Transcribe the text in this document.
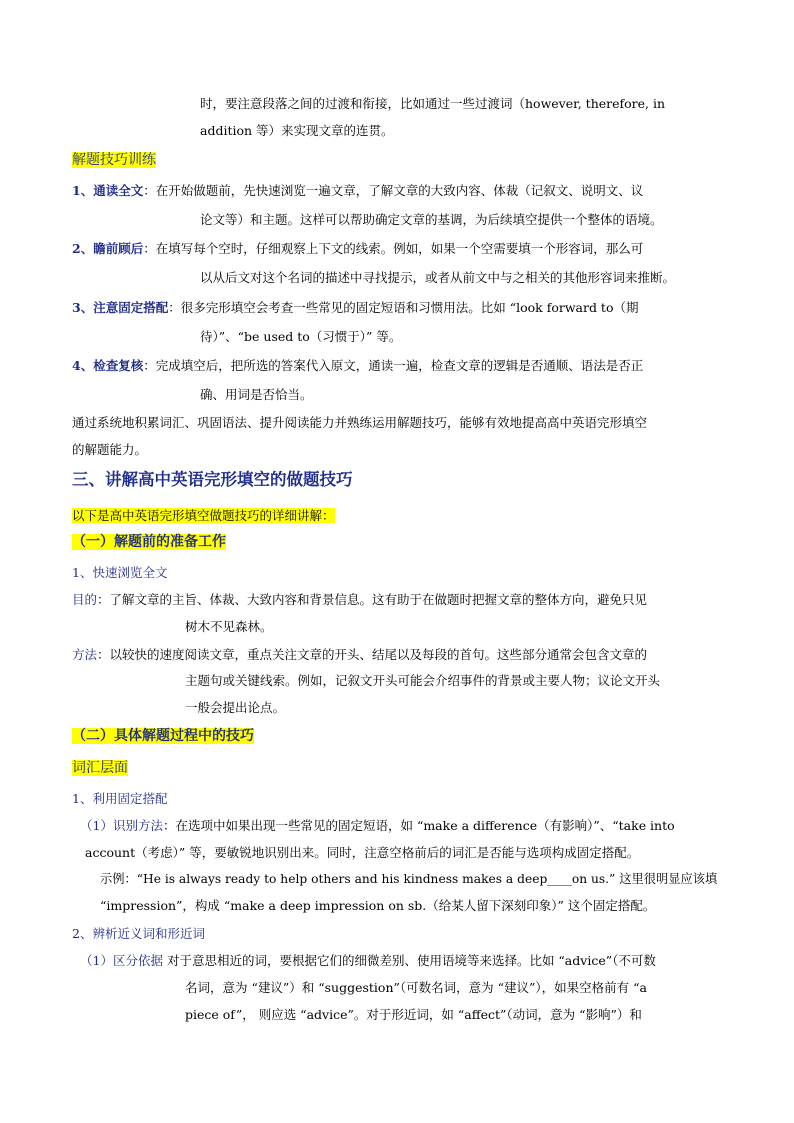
时，要注意段落之间的过渡和衔接，比如通过一些过渡词（however, therefore, in
addition 等）来实现文章的连贯。
解题技巧训练
1、通读全文：在开始做题前，先快速浏览一遍文章，了解文章的大致内容、体裁（记叙文、说明文、议
论文等）和主题。这样可以帮助确定文章的基调，为后续填空提供一个整体的语境。
2、瞻前顾后：在填写每个空时，仔细观察上下文的线索。例如，如果一个空需要填一个形容词，那么可
以从后文对这个名词的描述中寻找提示，或者从前文中与之相关的其他形容词来推断。
3、注意固定搭配：很多完形填空会考查一些常见的固定短语和习惯用法。比如 “look forward to（期
待）”、“be used to（习惯于）” 等。
4、检查复核：完成填空后，把所选的答案代入原文，通读一遍，检查文章的逻辑是否通顺、语法是否正
确、用词是否恰当。
通过系统地积累词汇、巩固语法、提升阅读能力并熟练运用解题技巧，能够有效地提高高中英语完形填空
的解题能力。
三、讲解高中英语完形填空的做题技巧
以下是高中英语完形填空做题技巧的详细讲解：
（一）解题前的准备工作
1、快速浏览全文
目的：了解文章的主旨、体裁、大致内容和背景信息。这有助于在做题时把握文章的整体方向，避免只见
树木不见森林。
方法：以较快的速度阅读文章，重点关注文章的开头、结尾以及每段的首句。这些部分通常会包含文章的
主题句或关键线索。例如，记叙文开头可能会介绍事件的背景或主要人物；议论文开头
一般会提出论点。
（二）具体解题过程中的技巧
词汇层面
1、利用固定搭配
（1）识别方法：在选项中如果出现一些常见的固定短语，如 “make a difference（有影响）”、“take into
account（考虑）” 等，要敏锐地识别出来。同时，注意空格前后的词汇是否能与选项构成固定搭配。
示例：“He is always ready to help others and his kindness makes a deep____on us.” 这里很明显应该填
“impression”，构成 “make a deep impression on sb.（给某人留下深刻印象）” 这个固定搭配。
2、辨析近义词和形近词
（1）区分依据 对于意思相近的词，要根据它们的细微差别、使用语境等来选择。比如 “advice”（不可数
名词，意为 “建议”）和 “suggestion”（可数名词，意为 “建议”），如果空格前有 “a
piece of”， 则应选 “advice”。对于形近词，如 “affect”（动词，意为 “影响”）和
